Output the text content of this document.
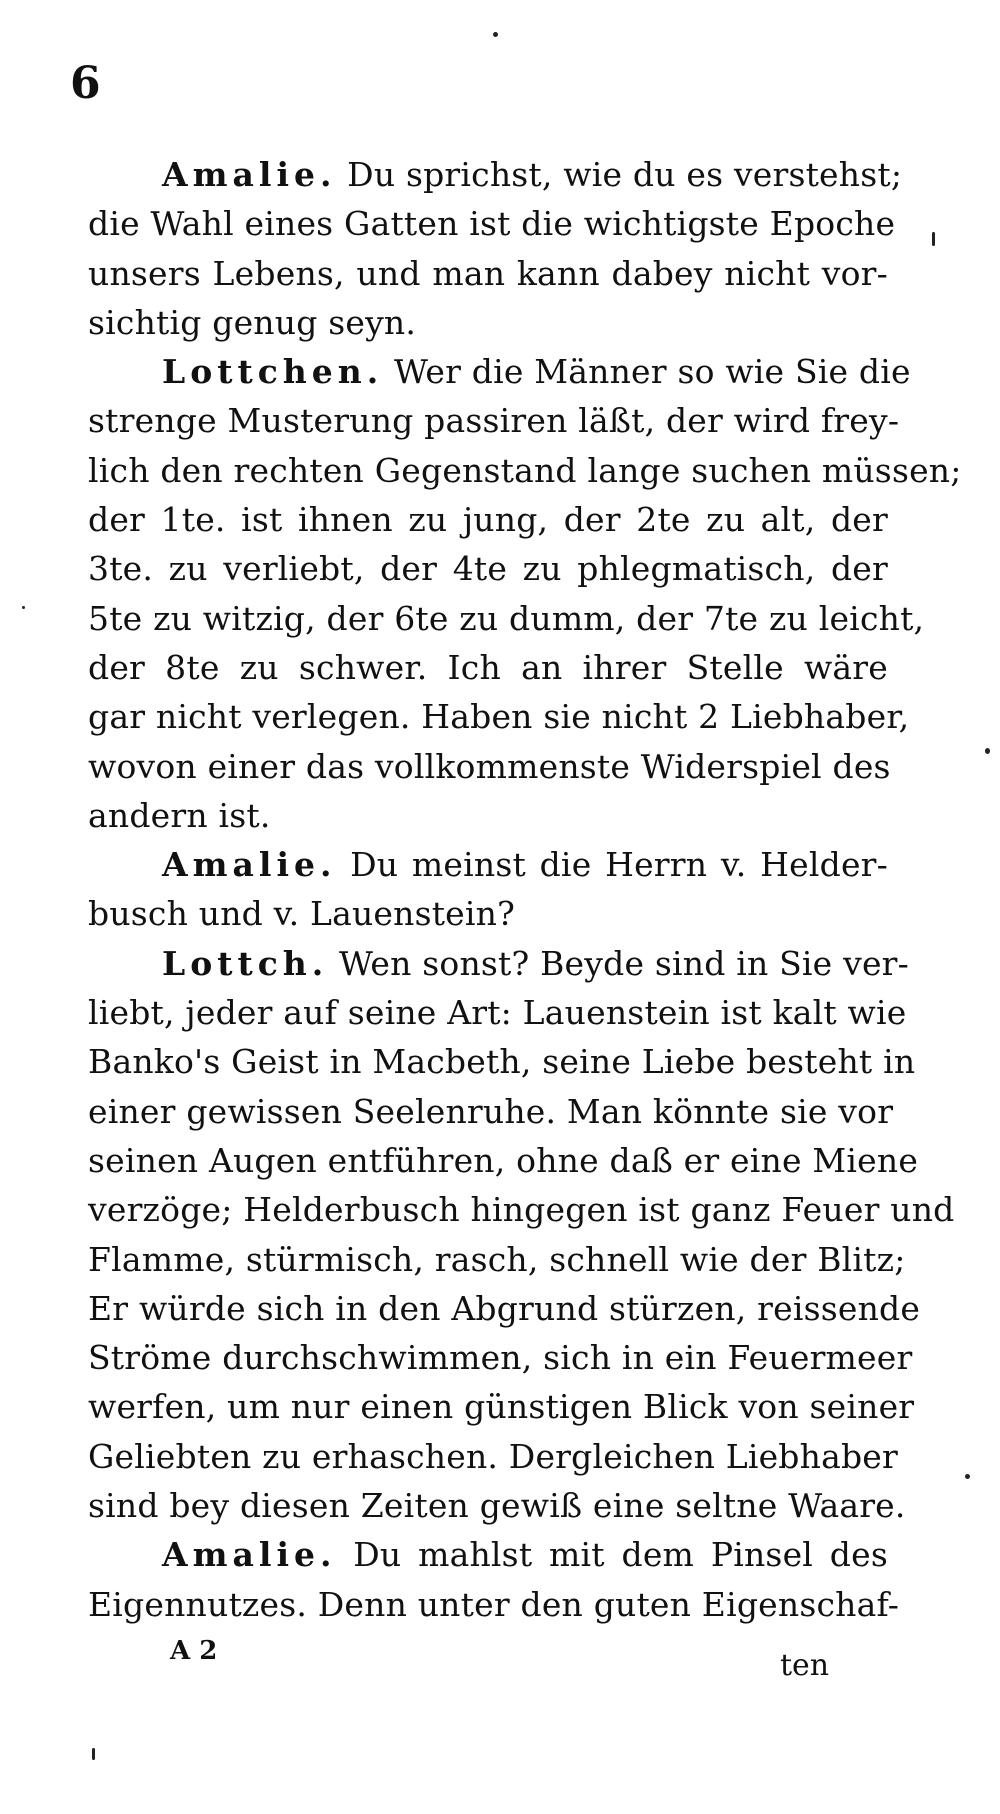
6
Amalie. Du sprichst, wie du es verstehst;
die Wahl eines Gatten ist die wichtigste Epoche
unsers Lebens, und man kann dabey nicht vor-
sichtig genug seyn.
Lottchen. Wer die Männer so wie Sie die
strenge Musterung passiren läßt, der wird frey-
lich den rechten Gegenstand lange suchen müssen;
der 1te. ist ihnen zu jung, der 2te zu alt, der
3te. zu verliebt, der 4te zu phlegmatisch, der
5te zu witzig, der 6te zu dumm, der 7te zu leicht,
der 8te zu schwer. Ich an ihrer Stelle wäre
gar nicht verlegen. Haben sie nicht 2 Liebhaber,
wovon einer das vollkommenste Widerspiel des
andern ist.
Amalie. Du meinst die Herrn v. Helder-
busch und v. Lauenstein?
Lottch. Wen sonst? Beyde sind in Sie ver-
liebt, jeder auf seine Art: Lauenstein ist kalt wie
Banko's Geist in Macbeth, seine Liebe besteht in
einer gewissen Seelenruhe. Man könnte sie vor
seinen Augen entführen, ohne daß er eine Miene
verzöge; Helderbusch hingegen ist ganz Feuer und
Flamme, stürmisch, rasch, schnell wie der Blitz;
Er würde sich in den Abgrund stürzen, reissende
Ströme durchschwimmen, sich in ein Feuermeer
werfen, um nur einen günstigen Blick von seiner
Geliebten zu erhaschen. Dergleichen Liebhaber
sind bey diesen Zeiten gewiß eine seltne Waare.
Amalie. Du mahlst mit dem Pinsel des
Eigennutzes. Denn unter den guten Eigenschaf-
A 2	ten
